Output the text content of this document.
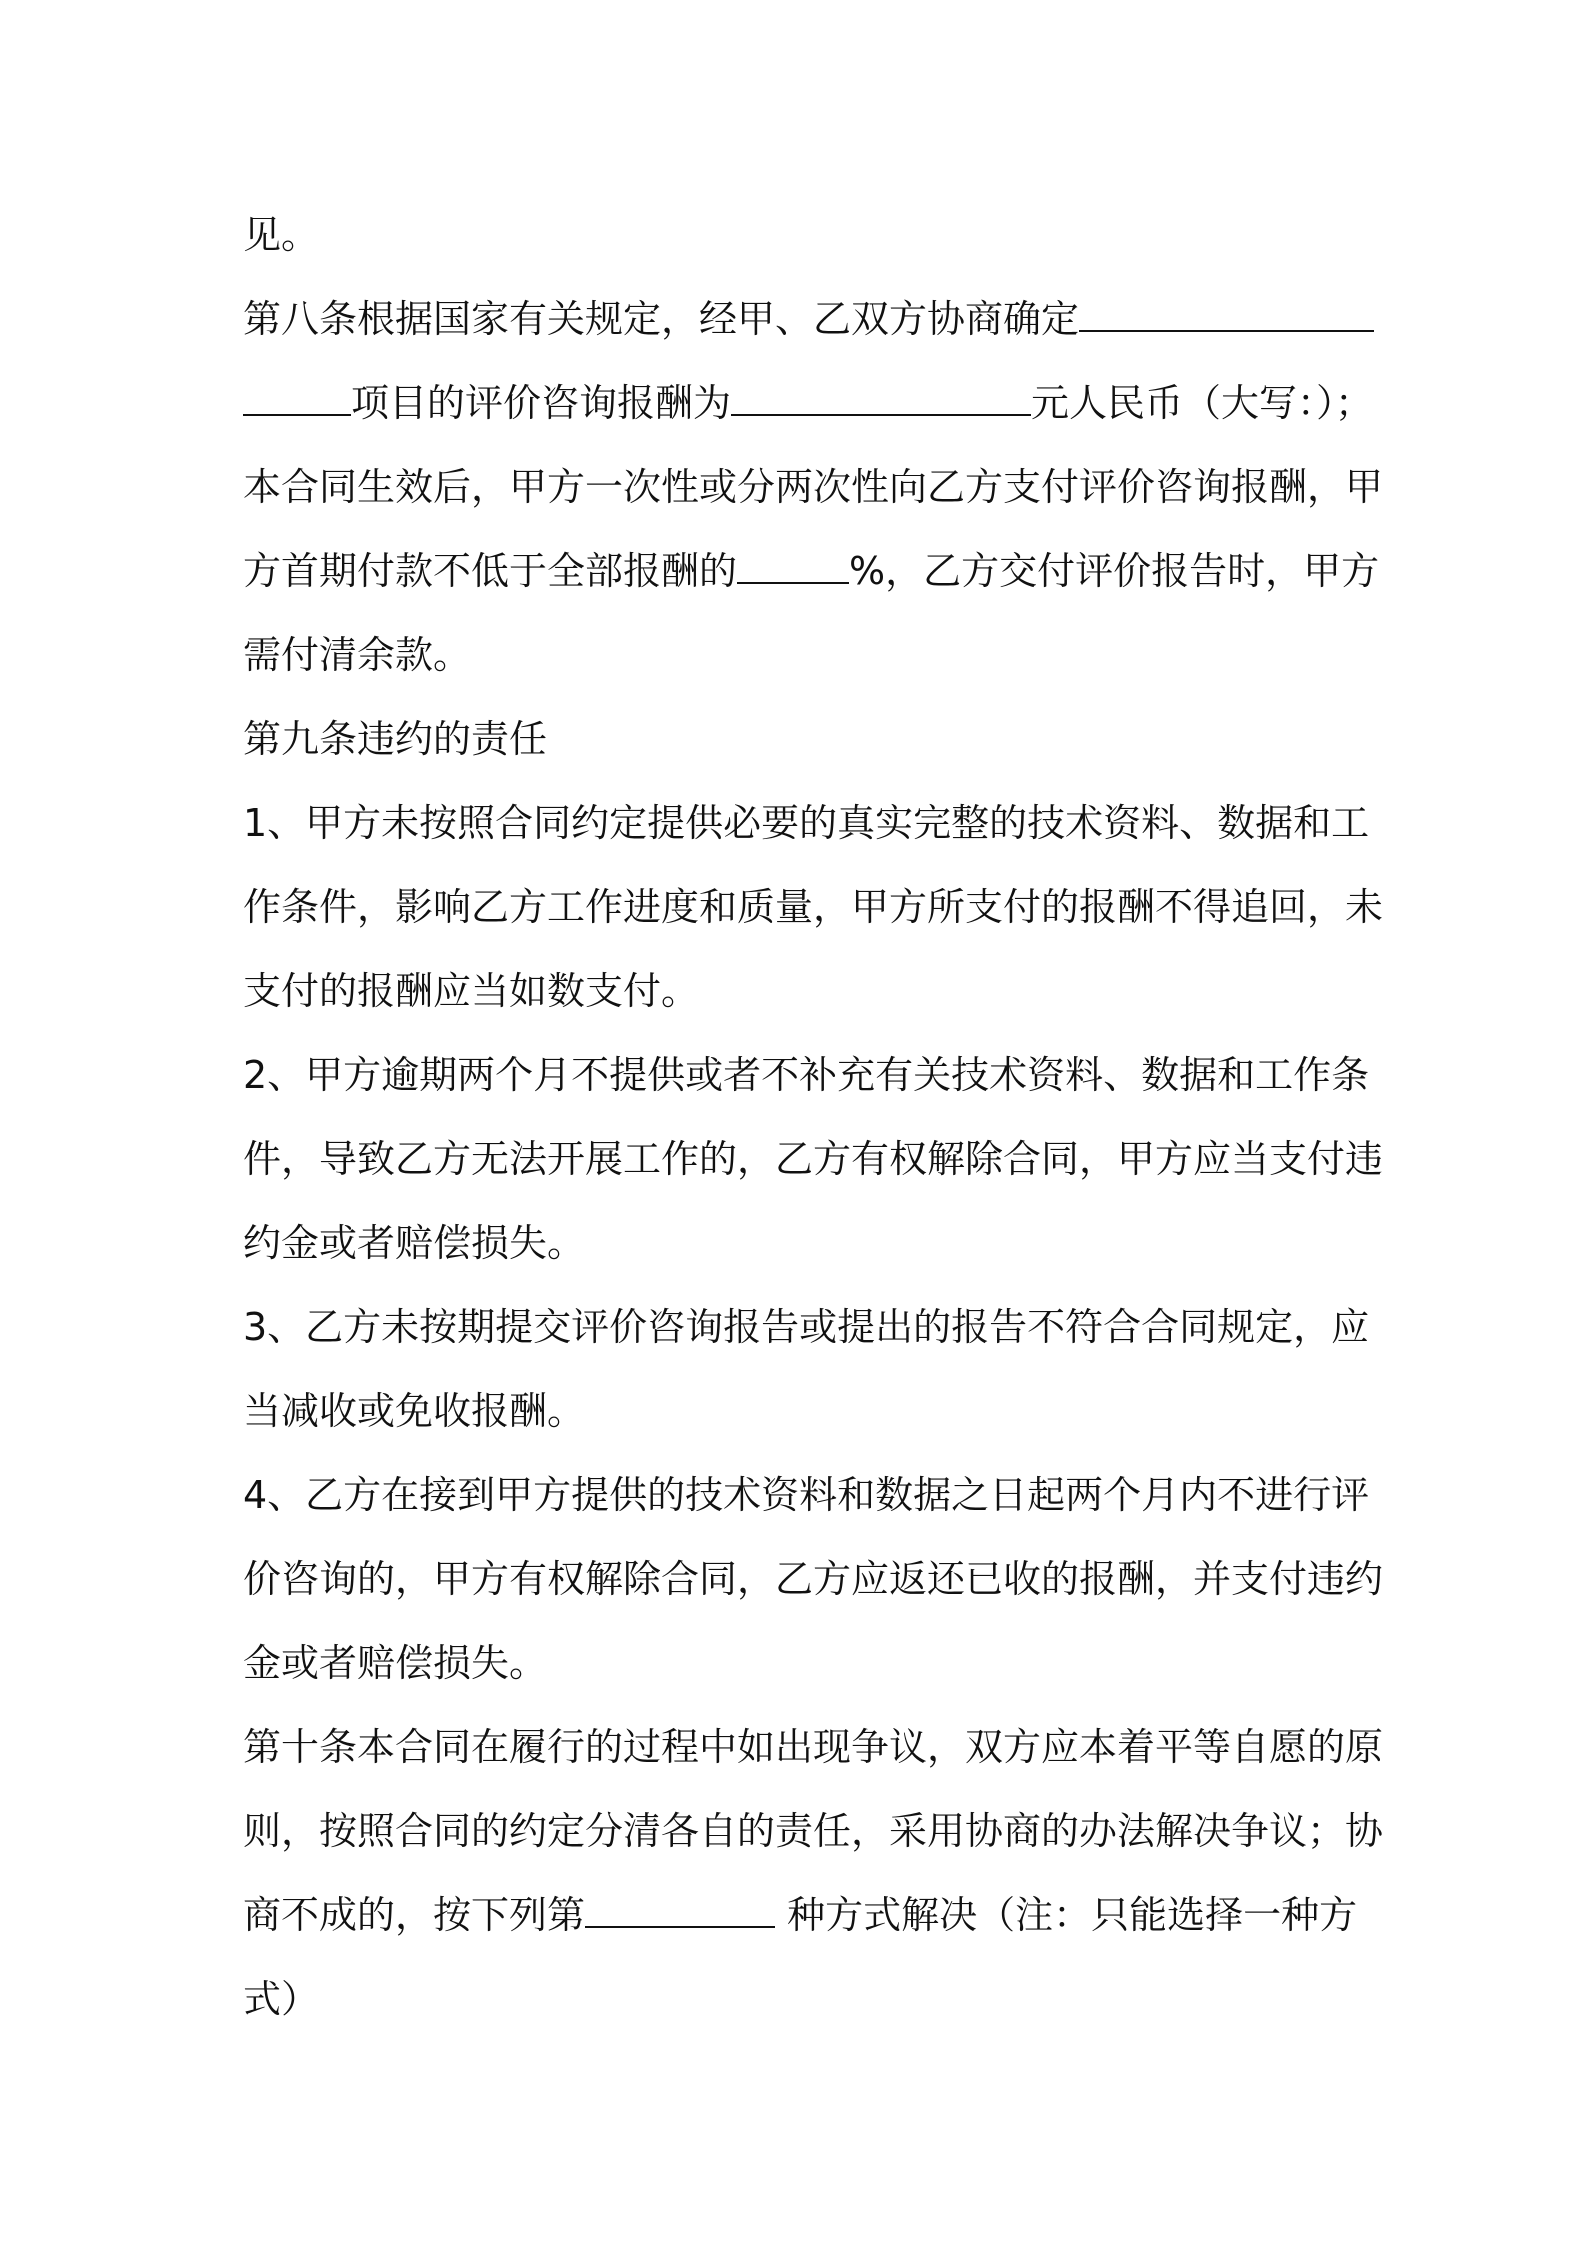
见。
第八条根据国家有关规定，经甲、乙双方协商确定
项目的评价咨询报酬为	元人民币（大写：）；
本合同生效后，甲方一次性或分两次性向乙方支付评价咨询报酬，甲
方首期付款不低于全部报酬的	%，乙方交付评价报告时，甲方
需付清余款。
第九条违约的责任
1、甲方未按照合同约定提供必要的真实完整的技术资料、数据和工
作条件，影响乙方工作进度和质量，甲方所支付的报酬不得追回，未
支付的报酬应当如数支付。
2、甲方逾期两个月不提供或者不补充有关技术资料、数据和工作条
件，导致乙方无法开展工作的，乙方有权解除合同，甲方应当支付违
约金或者赔偿损失。
3、乙方未按期提交评价咨询报告或提出的报告不符合合同规定，应
当减收或免收报酬。
4、乙方在接到甲方提供的技术资料和数据之日起两个月内不进行评
价咨询的，甲方有权解除合同，乙方应返还已收的报酬，并支付违约
金或者赔偿损失。
第十条本合同在履行的过程中如出现争议，双方应本着平等自愿的原
则，按照合同的约定分清各自的责任，采用协商的办法解决争议；协
商不成的，按下列第	种方式解决（注：只能选择一种方
式）
